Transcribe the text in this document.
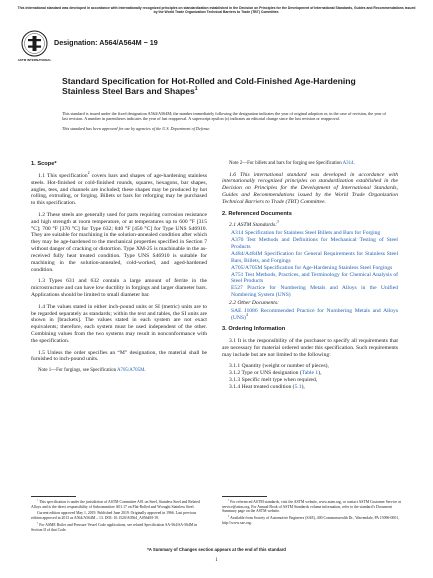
This international standard was developed in accordance with internationally recognized principles on standardization established in the Decision on Principles for the Development of International Standards, Guides and Recommendations issued by the World Trade Organization Technical Barriers to Trade (TBT) Committee.
ASTM INTERNATIONAL
Designation: A564/A564M − 19
Standard Specification for Hot-Rolled and Cold-Finished Age-Hardening Stainless Steel Bars and Shapes$^1$

This standard is issued under the fixed designation A564/A564M; the number immediately following the designation indicates the year of original adoption or, in the case of revision, the year of last revision. A number in parentheses indicates the year of last reapproval. A superscript epsilon (ε) indicates an editorial change since the last revision or reapproval.

This standard has been approved for use by agencies of the U.S. Department of Defense.

1. Scope*

1.1 This specification$^2$ covers bars and shapes of age-hardening stainless steels. Hot-finished or cold-finished rounds, squares, hexagons, bar shapes, angles, tees, and channels are included; these shapes may be produced by hot rolling, extruding, or forging. Billets or bars for reforging may be purchased to this specification.

1.2 These steels are generally used for parts requiring corrosion resistance and high strength at room temperature, or at temperatures up to 600 °F [315 °C]; 700 °F [370 °C] for Type 632; 840 °F [450 °C] for Type UNS S46910. They are suitable for machining in the solution-annealed condition after which they may be age-hardened to the mechanical properties specified in Section 7 without danger of cracking or distortion. Type XM-25 is machinable in the as-received fully heat treated condition. Type UNS S46910 is suitable for machining in the solution-annealed, cold-worked, and aged-hardened condition.

1.3 Types 631 and 632 contain a large amount of ferrite in the microstructure and can have low ductility in forgings and larger diameter bars. Applications should be limited to small diameter bar.

1.4 The values stated in either inch-pound units or SI (metric) units are to be regarded separately as standards; within the text and tables, the SI units are shown in [brackets]. The values stated in each system are not exact equivalents; therefore, each system must be used independent of the other. Combining values from the two systems may result in nonconformance with the specification.

1.5 Unless the order specifies an “M” designation, the material shall be furnished to inch-pound units.

Note 1—For forgings, see Specification A705/A705M.

Note 2—For billets and bars for forging see Specification A314.

1.6 This international standard was developed in accordance with internationally recognized principles on standardization established in the Decision on Principles for the Development of International Standards, Guides and Recommendations issued by the World Trade Organization Technical Barriers to Trade (TBT) Committee.

2. Referenced Documents

2.1 ASTM Standards:$^3$

A314 Specification for Stainless Steel Billets and Bars for Forging

A370 Test Methods and Definitions for Mechanical Testing of Steel Products

A484/A484M Specification for General Requirements for Stainless Steel Bars, Billets, and Forgings

A705/A705M Specification for Age-Hardening Stainless Steel Forgings

A751 Test Methods, Practices, and Terminology for Chemical Analysis of Steel Products

E527 Practice for Numbering Metals and Alloys in the Unified Numbering System (UNS)

2.2 Other Documents:

SAE J1086 Recommended Practice for Numbering Metals and Alloys (UNS)$^4$

3. Ordering Information

3.1 It is the responsibility of the purchaser to specify all requirements that are necessary for material ordered under this specification. Such requirements may include but are not limited to the following:

3.1.1 Quantity (weight or number of pieces),

3.1.2 Type or UNS designation (Table 1),

3.1.3 Specific melt type when required,

3.1.4 Heat treated condition (5.1),

$^1$ This specification is under the jurisdiction of ASTM Committee A01 on Steel, Stainless Steel and Related Alloys and is the direct responsibility of Subcommittee A01.17 on Flat-Rolled and Wrought Stainless Steel.

Current edition approved May 1, 2019. Published June 2019. Originally approved in 1966. Last previous edition approved in 2013 as A564/A564M – 13. DOI: 10.1520/A0564_A0564M-19.

$^2$ For ASME Boiler and Pressure Vessel Code applications, see related Specification SA-564/SA-564M in Section II of that Code.

$^3$ For referenced ASTM standards, visit the ASTM website, www.astm.org, or contact ASTM Customer Service at service@astm.org. For Annual Book of ASTM Standards volume information, refer to the standard’s Document Summary page on the ASTM website.

$^4$ Available from Society of Automotive Engineers (SAE), 400 Commonwealth Dr., Warrendale, PA 15096-0001, http://www.sae.org.

*A Summary of Changes section appears at the end of this standard
1
